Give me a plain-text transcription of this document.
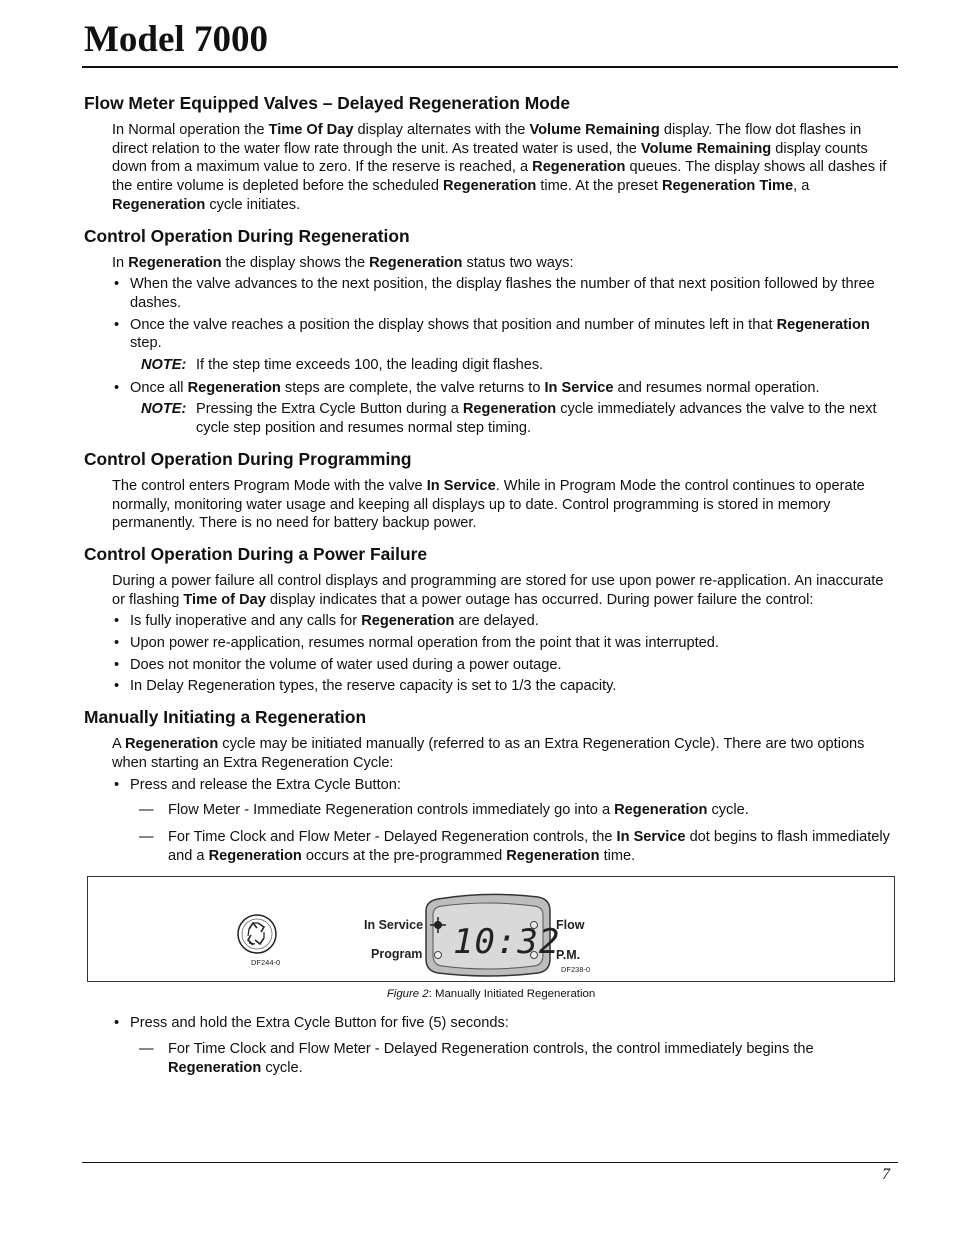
Model 7000
Flow Meter Equipped Valves – Delayed Regeneration Mode

In Normal operation the Time Of Day display alternates with the Volume Remaining display. The flow dot flashes in direct relation to the water flow rate through the unit. As treated water is used, the Volume Remaining display counts down from a maximum value to zero. If the reserve is reached, a Regeneration queues. The display shows all dashes if the entire volume is depleted before the scheduled Regeneration time. At the preset Regeneration Time, a Regeneration cycle initiates.

Control Operation During Regeneration

In Regeneration the display shows the Regeneration status two ways:

• When the valve advances to the next position, the display flashes the number of that next position followed by three dashes.
• Once the valve reaches a position the display shows that position and number of minutes left in that Regeneration step.
NOTE: If the step time exceeds 100, the leading digit flashes.
• Once all Regeneration steps are complete, the valve returns to In Service and resumes normal operation.
NOTE: Pressing the Extra Cycle Button during a Regeneration cycle immediately advances the valve to the next cycle step position and resumes normal step timing.
Control Operation During Programming

The control enters Program Mode with the valve In Service. While in Program Mode the control continues to operate normally, monitoring water usage and keeping all displays up to date. Control programming is stored in memory permanently. There is no need for battery backup power.

Control Operation During a Power Failure

During a power failure all control displays and programming are stored for use upon power re-application. An inaccurate or flashing Time of Day display indicates that a power outage has occurred. During power failure the control:

• Is fully inoperative and any calls for Regeneration are delayed.
• Upon power re-application, resumes normal operation from the point that it was interrupted.
• Does not monitor the volume of water used during a power outage.
• In Delay Regeneration types, the reserve capacity is set to 1/3 the capacity.
Manually Initiating a Regeneration

A Regeneration cycle may be initiated manually (referred to as an Extra Regeneration Cycle). There are two options when starting an Extra Regeneration Cycle:

• Press and release the Extra Cycle Button:
— Flow Meter - Immediate Regeneration controls immediately go into a Regeneration cycle.
— For Time Clock and Flow Meter - Delayed Regeneration controls, the In Service dot begins to flash immediately and a Regeneration occurs at the pre-programmed Regeneration time.
DF244-0
In Service
Program 10:32
Flow
P.M.
DF238-0
Figure 2: Manually Initiated Regeneration
• Press and hold the Extra Cycle Button for five (5) seconds:
— For Time Clock and Flow Meter - Delayed Regeneration controls, the control immediately begins the Regeneration cycle.
7
